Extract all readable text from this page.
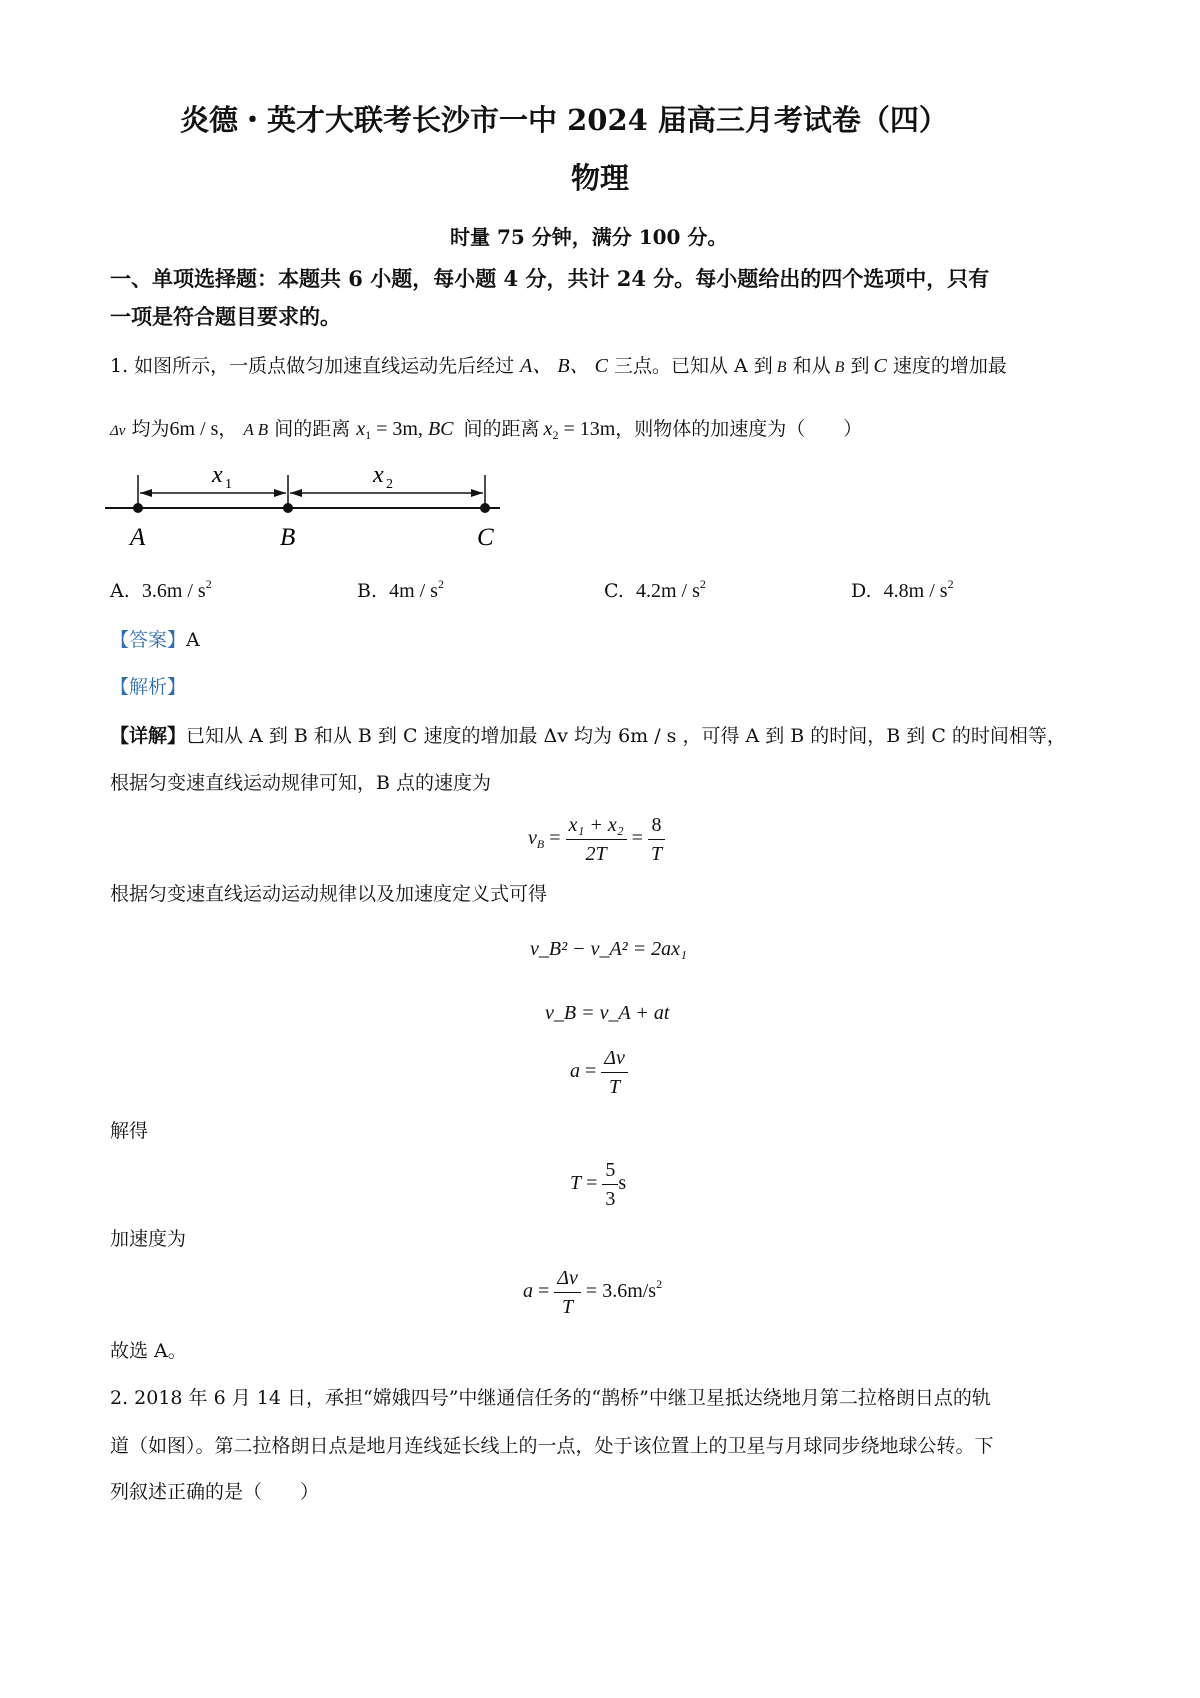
炎德・英才大联考长沙市一中 2024 届高三月考试卷（四）
物理
时量 75 分钟，满分 100 分。
一、单项选择题：本题共 6 小题，每小题 4 分，共计 24 分。每小题给出的四个选项中，只有
一项是符合题目要求的。
1. 如图所示，一质点做匀加速直线运动先后经过 A、 B、 C 三点。已知从 A 到 B 和从 B 到 C 速度的增加最
Δv 均为6m / s， A B 间的距离 $x_1 = 3m$, BC 间的距离 $x_2 = 13m$，则物体的加速度为（　　）
x 1	x 2
A	B	C
A. $3.6m / s^2$	B. $4m / s^2$	C. $4.2m / s^2$	D. $4.8m / s^2$
【答案】A
【解析】
【详解】已知从 A 到 B 和从 B 到 C 速度的增加最 Δv 均为 6m / s ，可得 A 到 B 的时间，B 到 C 的时间相等，
根据匀变速直线运动规律可知，B 点的速度为
$v_B = \frac{\text{x₁ + x₂}}{2T} = \frac{8}{T}$
根据匀变速直线运动运动规律以及加速度定义式可得
v_B² − v_A² = 2ax₁
v_B = v_A + at
$a = \frac{\Delta v}{T}$
解得
$T = \frac{5}{3}$ s
加速度为
$a = \frac{\Delta v}{T} = 3.6m/s^2$
故选 A。
2. 2018 年 6 月 14 日，承担“嫦娥四号”中继通信任务的“鹊桥”中继卫星抵达绕地月第二拉格朗日点的轨
道（如图）。第二拉格朗日点是地月连线延长线上的一点，处于该位置上的卫星与月球同步绕地球公转。下
列叙述正确的是（　　）
